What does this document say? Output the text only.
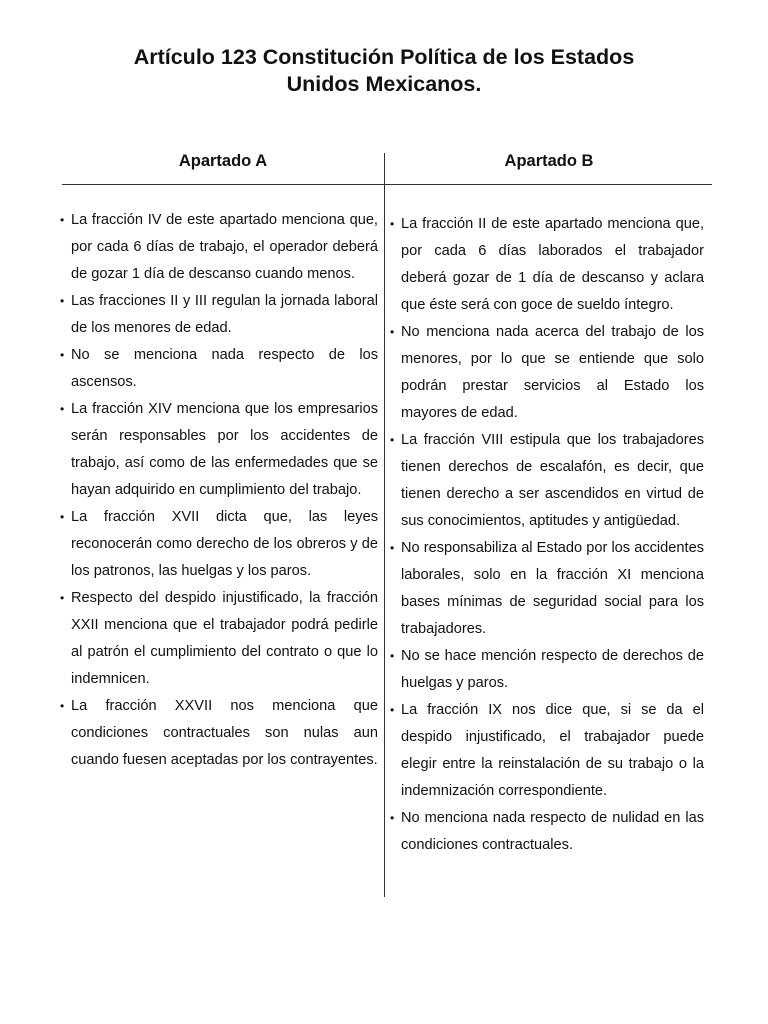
Artículo 123 Constitución Política de los Estados
Unidos Mexicanos.
Apartado A	Apartado B
• La fracción IV de este apartado menciona que, por cada 6 días de trabajo, el operador deberá de gozar 1 día de descanso cuando menos.
• Las fracciones II y III regulan la jornada laboral de los menores de edad.
• No se menciona nada respecto de los ascensos.
• La fracción XIV menciona que los empresarios serán responsables por los accidentes de trabajo, así como de las enfermedades que se hayan adquirido en cumplimiento del trabajo.
• La fracción XVII dicta que, las leyes reconocerán como derecho de los obreros y de los patronos, las huelgas y los paros.
• Respecto del despido injustificado, la fracción XXII menciona que el trabajador podrá pedirle al patrón el cumplimiento del contrato o que lo indemnicen.
• La fracción XXVII nos menciona que condiciones contractuales son nulas aun cuando fuesen aceptadas por los contrayentes.
• La fracción II de este apartado menciona que, por cada 6 días laborados el trabajador deberá gozar de 1 día de descanso y aclara que éste será con goce de sueldo íntegro.
• No menciona nada acerca del trabajo de los menores, por lo que se entiende que solo podrán prestar servicios al Estado los mayores de edad.
• La fracción VIII estipula que los trabajadores tienen derechos de escalafón, es decir, que tienen derecho a ser ascendidos en virtud de sus conocimientos, aptitudes y antigüedad.
• No responsabiliza al Estado por los accidentes laborales, solo en la fracción XI menciona bases mínimas de seguridad social para los trabajadores.
• No se hace mención respecto de derechos de huelgas y paros.
• La fracción IX nos dice que, si se da el despido injustificado, el trabajador puede elegir entre la reinstalación de su trabajo o la indemnización correspondiente.
• No menciona nada respecto de nulidad en las condiciones contractuales.
